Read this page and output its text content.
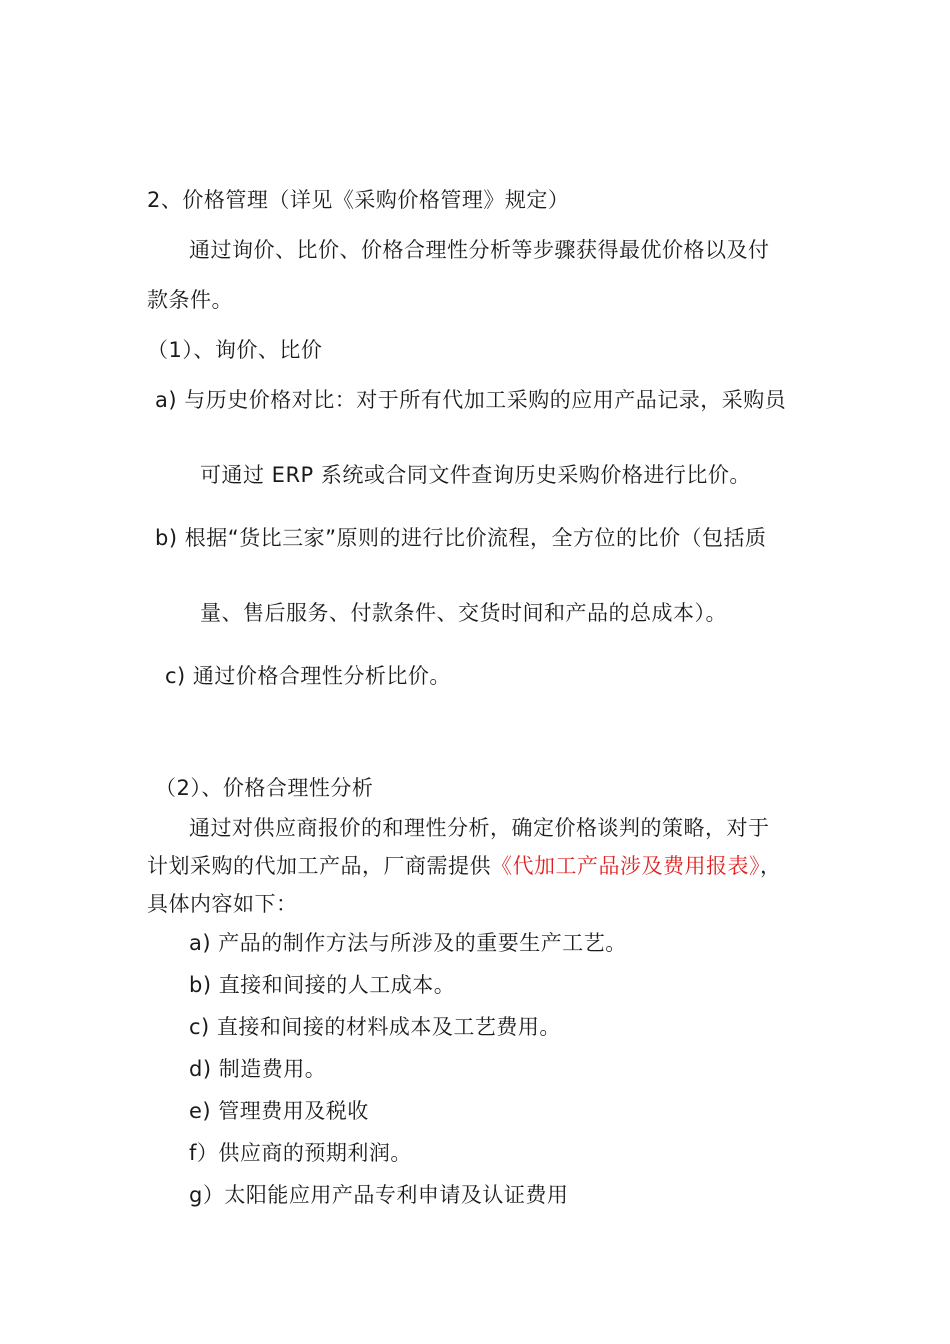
2、价格管理（详见《采购价格管理》规定）
通过询价、比价、价格合理性分析等步骤获得最优价格以及付
款条件。
（1）、询价、比价
a) 与历史价格对比：对于所有代加工采购的应用产品记录，采购员
可通过 ERP 系统或合同文件查询历史采购价格进行比价。
b) 根据“货比三家”原则的进行比价流程，全方位的比价（包括质
量、售后服务、付款条件、交货时间和产品的总成本）。
c) 通过价格合理性分析比价。
（2）、价格合理性分析
通过对供应商报价的和理性分析，确定价格谈判的策略，对于
计划采购的代加工产品，厂商需提供《代加工产品涉及费用报表》，
具体内容如下：
a) 产品的制作方法与所涉及的重要生产工艺。
b) 直接和间接的人工成本。
c) 直接和间接的材料成本及工艺费用。
d) 制造费用。
e) 管理费用及税收
f）供应商的预期利润。
g）太阳能应用产品专利申请及认证费用
